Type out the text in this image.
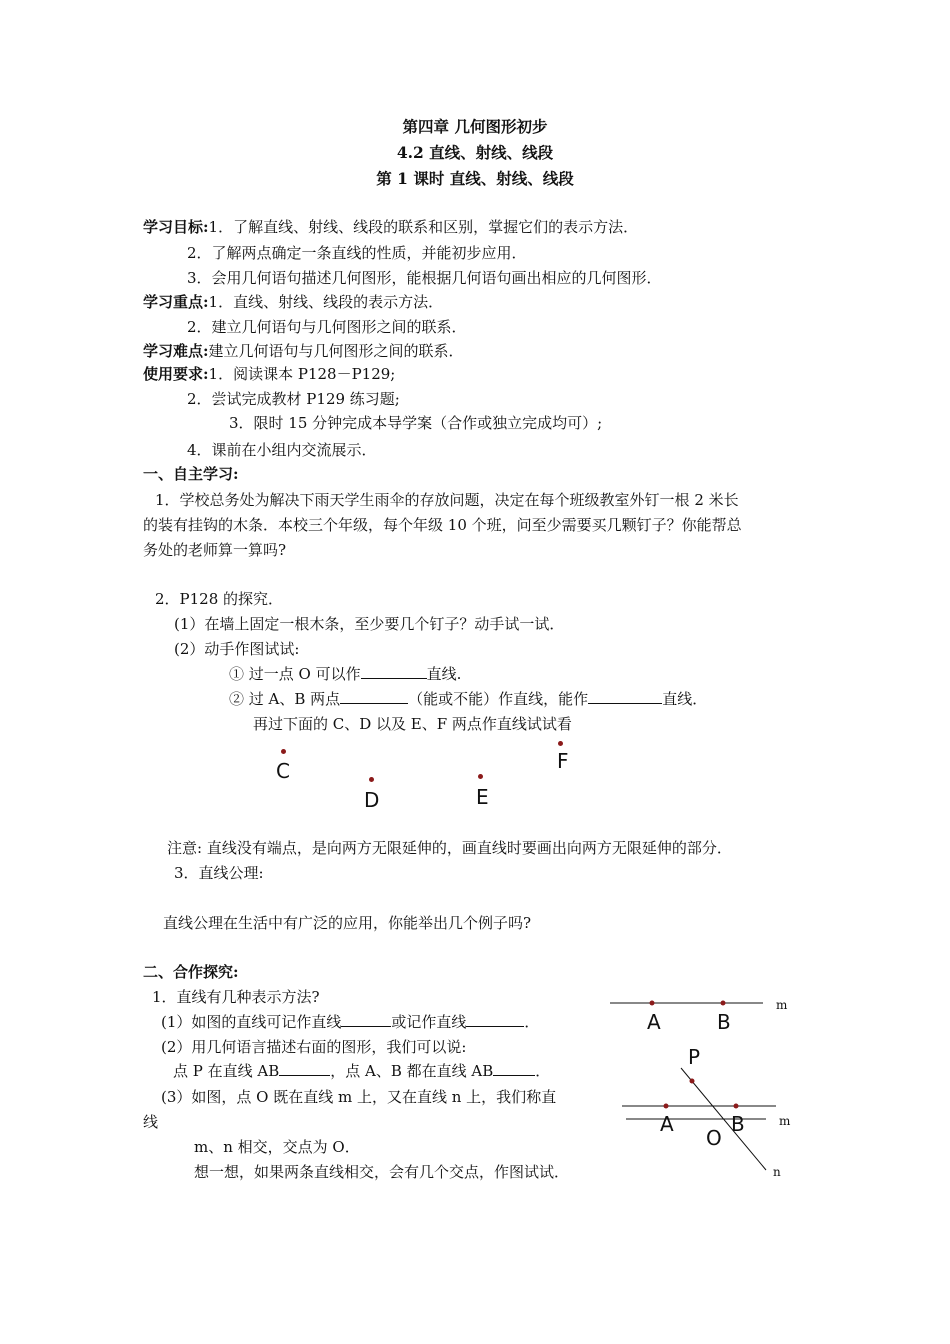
第四章 几何图形初步
4.2 直线、射线、线段
第 1 课时 直线、射线、线段
学习目标:1．了解直线、射线、线段的联系和区别，掌握它们的表示方法．
2．了解两点确定一条直线的性质，并能初步应用．
3．会用几何语句描述几何图形，能根据几何语句画出相应的几何图形．
学习重点:1．直线、射线、线段的表示方法．
2．建立几何语句与几何图形之间的联系．
学习难点:建立几何语句与几何图形之间的联系．
使用要求:1．阅读课本 P128－P129;
2．尝试完成教材 P129 练习题;
3．限时 15 分钟完成本导学案（合作或独立完成均可）;
4．课前在小组内交流展示．
一、自主学习:
1．学校总务处为解决下雨天学生雨伞的存放问题，决定在每个班级教室外钉一根 2 米长
的装有挂钩的木条．本校三个年级，每个年级 10 个班，问至少需要买几颗钉子？你能帮总
务处的老师算一算吗?
2．P128 的探究．
(1）在墙上固定一根木条，至少要几个钉子？动手试一试．
(2）动手作图试试:
① 过一点 O 可以作	直线.
② 过 A、B 两点	（能或不能）作直线，能作	直线．
再过下面的 C、D 以及 E、F 两点作直线试试看
C
D	E
F
注意: 直线没有端点，是向两方无限延伸的，画直线时要画出向两方无限延伸的部分．
3．直线公理:
直线公理在生活中有广泛的应用，你能举出几个例子吗?
二、合作探究:
1．直线有几种表示方法?
(1）如图的直线可记作直线	或记作直线	．
(2）用几何语言描述右面的图形，我们可以说:
点 P 在直线 AB	，点 A、B 都在直线 AB	．
(3）如图，点 O 既在直线 m 上，又在直线 n 上，我们称直
线
m、n 相交，交点为 O．
想一想，如果两条直线相交，会有几个交点，作图试试．
A	B
m
P
A
O
B	m
n
